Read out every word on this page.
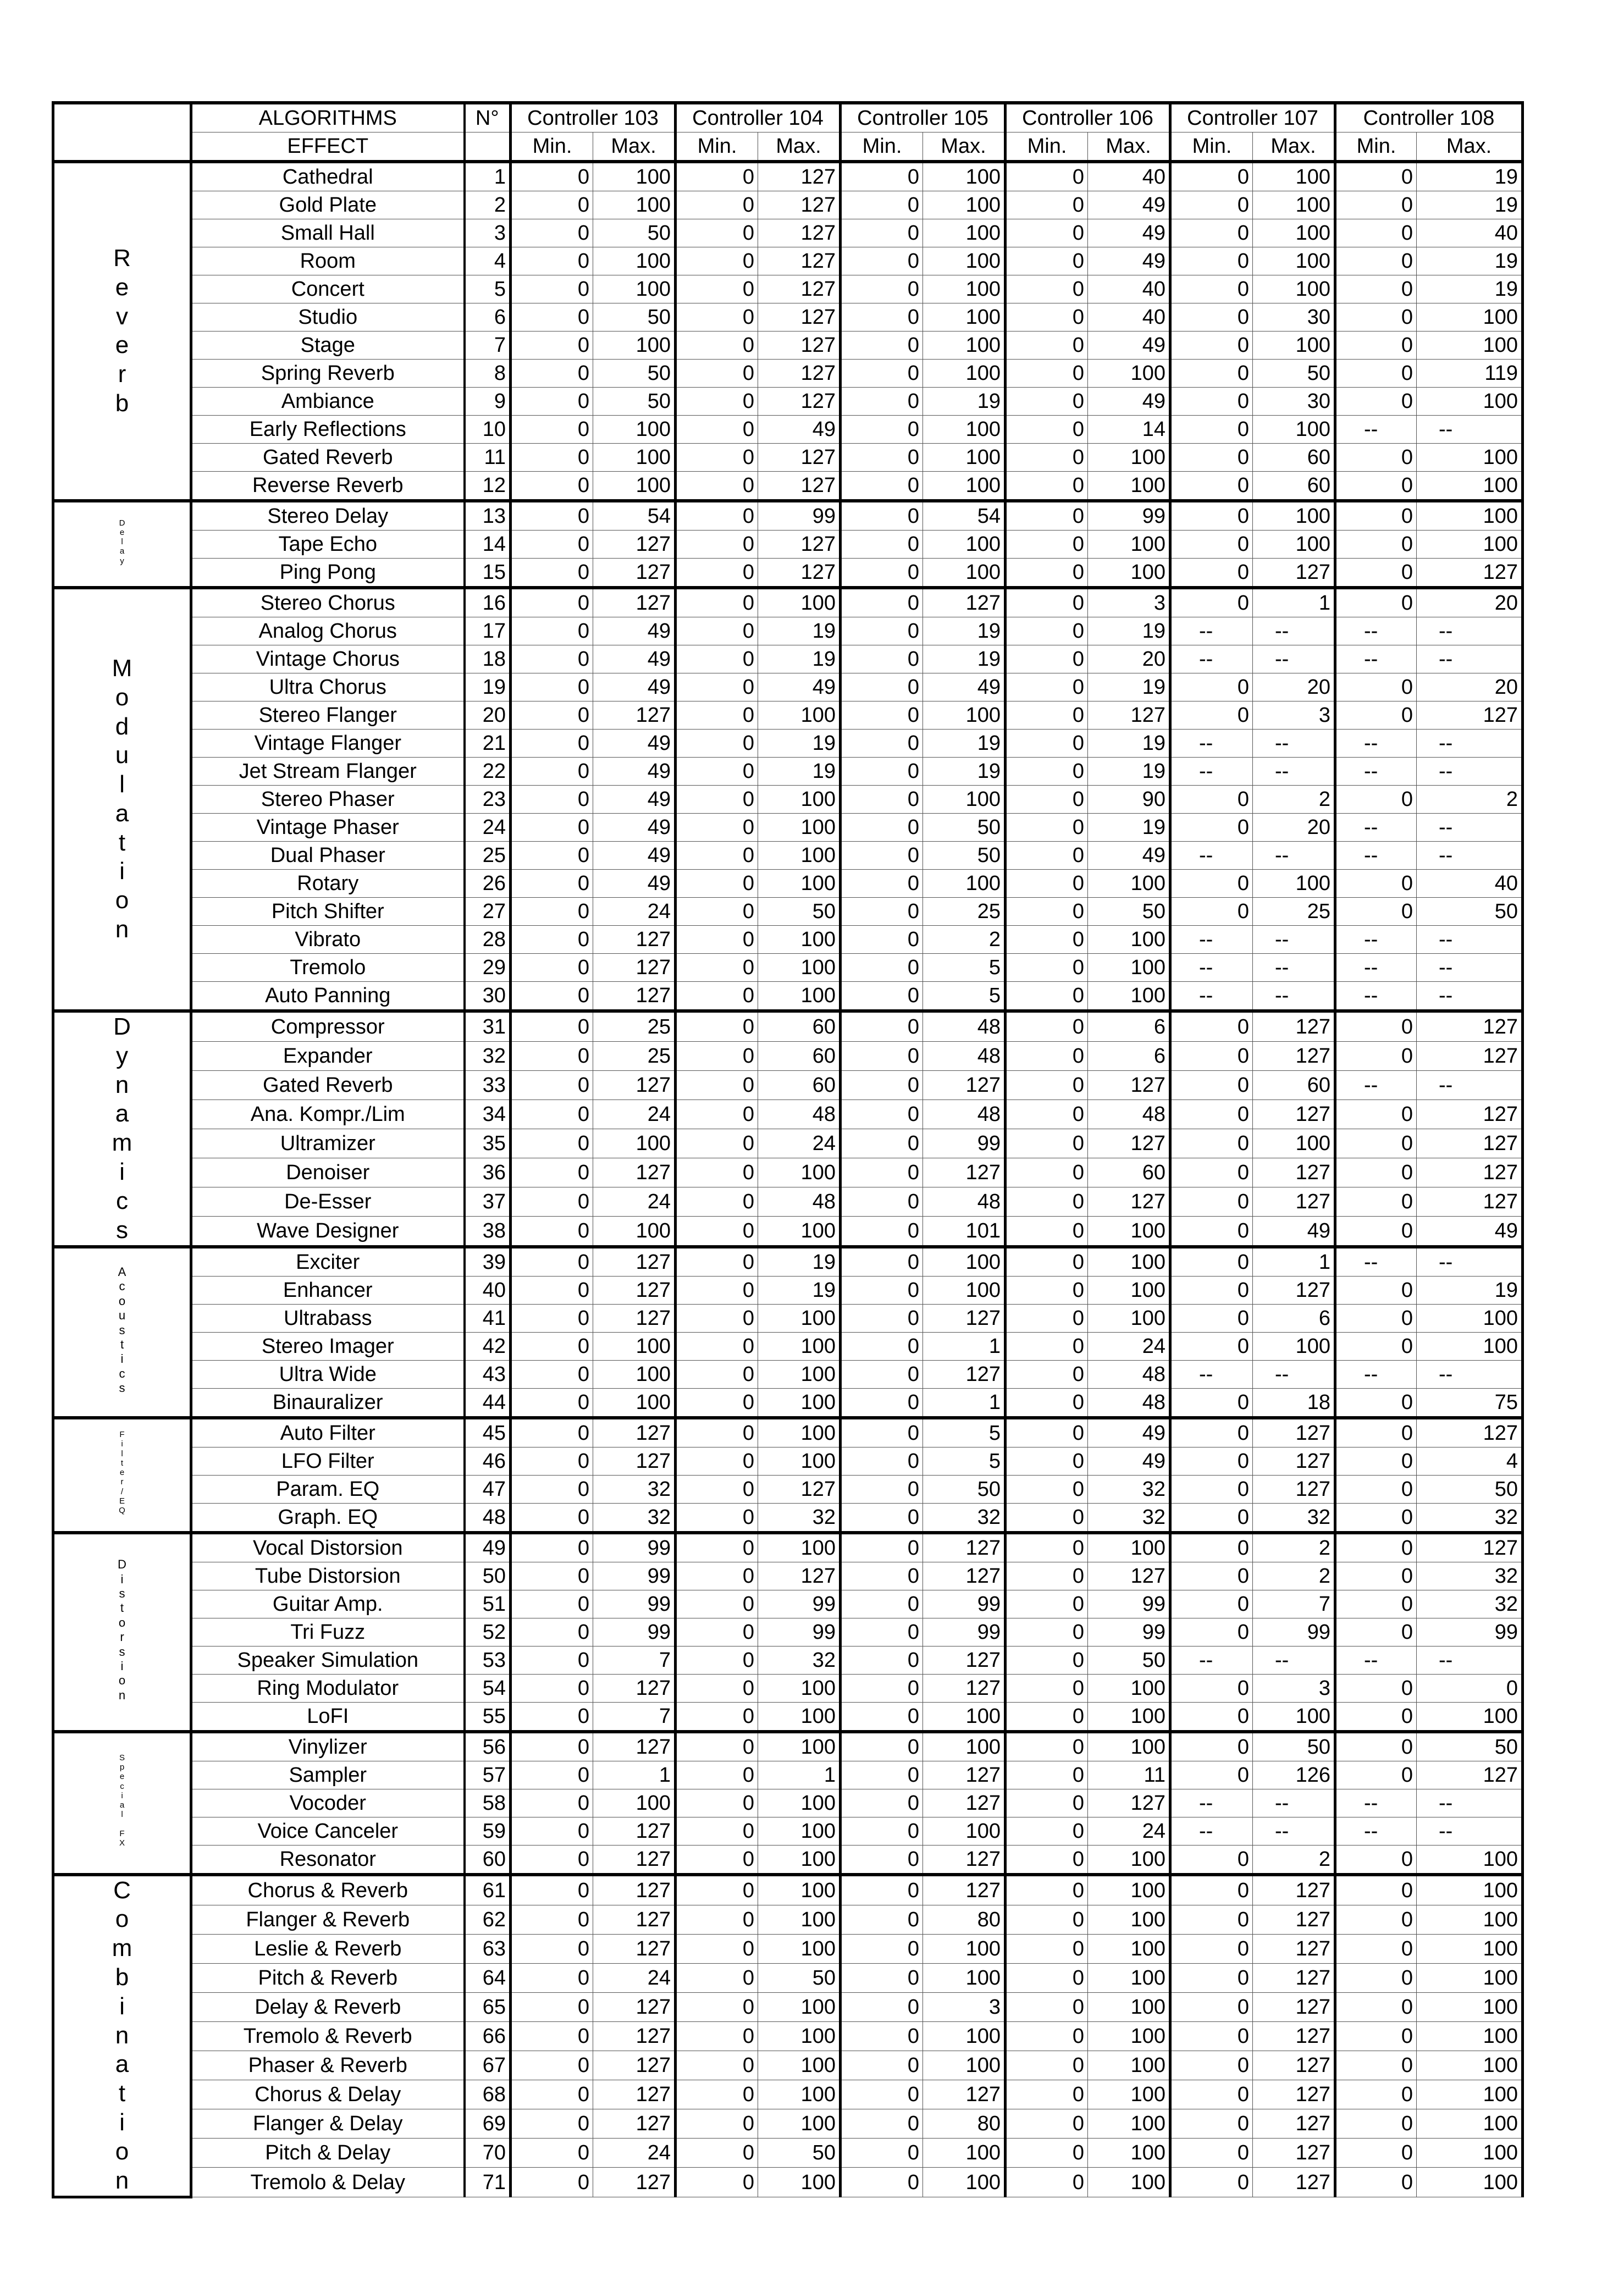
	ALGORITHMS	N°	Controller 103		Controller 104		Controller 105		Controller 106		Controller 107		Controller 108	
	EFFECT		Min.	Max.	Min.	Max.	Min.	Max.	Min.	Max.	Min.	Max.	Min.	Max.

R
e
v
e
r
b
	Cathedral	1	0	100	0	127	0	100	0	40	0	100	0	19
	Gold Plate	2	0	100	0	127	0	100	0	49	0	100	0	19
	Small Hall	3	0	50	0	127	0	100	0	49	0	100	0	40
	Room	4	0	100	0	127	0	100	0	49	0	100	0	19
	Concert	5	0	100	0	127	0	100	0	40	0	100	0	19
	Studio	6	0	50	0	127	0	100	0	40	0	30	0	100
	Stage	7	0	100	0	127	0	100	0	49	0	100	0	100
	Spring Reverb	8	0	50	0	127	0	100	0	100	0	50	0	119
	Ambiance	9	0	50	0	127	0	19	0	49	0	30	0	100
	Early Reflections	10	0	100	0	49	0	100	0	14	0	100	--	--
	Gated Reverb	11	0	100	0	127	0	100	0	100	0	60	0	100
	Reverse Reverb	12	0	100	0	127	0	100	0	100	0	60	0	100

D
e
l
a
y	Stereo Delay	13	0	54	0	99	0	54	0	99	0	100	0	100
	Tape Echo	14	0	127	0	127	0	100	0	100	0	100	0	100
	Ping Pong	15	0	127	0	127	0	100	0	100	0	127	0	127

M
o
d
u
l
a
t
i
o
n
	Stereo Chorus	16	0	127	0	100	0	127	0	3	0	1	0	20
	Analog Chorus	17	0	49	0	19	0	19	0	19	--	--	--	--
	Vintage Chorus	18	0	49	0	19	0	19	0	20	--	--	--	--
	Ultra Chorus	19	0	49	0	49	0	49	0	19	0	20	0	20
	Stereo Flanger	20	0	127	0	100	0	100	0	127	0	3	0	127
	Vintage Flanger	21	0	49	0	19	0	19	0	19	--	--	--	--
	Jet Stream Flanger	22	0	49	0	19	0	19	0	19	--	--	--	--
	Stereo Phaser	23	0	49	0	100	0	100	0	90	0	2	0	2
	Vintage Phaser	24	0	49	0	100	0	50	0	19	0	20	--	--
	Dual Phaser	25	0	49	0	100	0	50	0	49	--	--	--	--
	Rotary	26	0	49	0	100	0	100	0	100	0	100	0	40
	Pitch Shifter	27	0	24	0	50	0	25	0	50	0	25	0	50
	Vibrato	28	0	127	0	100	0	2	0	100	--	--	--	--
	Tremolo	29	0	127	0	100	0	5	0	100	--	--	--	--
	Auto Panning	30	0	127	0	100	0	5	0	100	--	--	--	--

D
y
n
a
m
i
c
s
	Compressor	31	0	25	0	60	0	48	0	6	0	127	0	127
	Expander	32	0	25	0	60	0	48	0	6	0	127	0	127
	Gated Reverb	33	0	127	0	60	0	127	0	127	0	60	--	--
	Ana. Kompr./Lim	34	0	24	0	48	0	48	0	48	0	127	0	127
	Ultramizer	35	0	100	0	24	0	99	0	127	0	100	0	127
	Denoiser	36	0	127	0	100	0	127	0	60	0	127	0	127
	De-Esser	37	0	24	0	48	0	48	0	127	0	127	0	127
	Wave Designer	38	0	100	0	100	0	101	0	100	0	49	0	49

A
c
o
u
s
t
i
c
s
	Exciter	39	0	127	0	19	0	100	0	100	0	1	--	--
	Enhancer	40	0	127	0	19	0	100	0	100	0	127	0	19
	Ultrabass	41	0	127	0	100	0	127	0	100	0	6	0	100
	Stereo Imager	42	0	100	0	100	0	1	0	24	0	100	0	100
	Ultra Wide	43	0	100	0	100	0	127	0	48	--	--	--	--
	Binauralizer	44	0	100	0	100	0	1	0	48	0	18	0	75

F
i
l
t
e
r
/
E
Q
	Auto Filter	45	0	127	0	100	0	5	0	49	0	127	0	127
	LFO Filter	46	0	127	0	100	0	5	0	49	0	127	0	4
	Param. EQ	47	0	32	0	127	0	50	0	32	0	127	0	50
	Graph. EQ	48	0	32	0	32	0	32	0	32	0	32	0	32

D
i
s
t
o
r
s
i
o
n
	Vocal Distorsion	49	0	99	0	100	0	127	0	100	0	2	0	127
	Tube Distorsion	50	0	99	0	127	0	127	0	127	0	2	0	32
	Guitar Amp.	51	0	99	0	99	0	99	0	99	0	7	0	32
	Tri Fuzz	52	0	99	0	99	0	99	0	99	0	99	0	99
	Speaker Simulation	53	0	7	0	32	0	127	0	50	--	--	--	--
	Ring Modulator	54	0	127	0	100	0	127	0	100	0	3	0	0
	LoFI	55	0	7	0	100	0	100	0	100	0	100	0	100

S
p
e
c
i
a
l

F
X
	Vinylizer	56	0	127	0	100	0	100	0	100	0	50	0	50
	Sampler	57	0	1	0	1	0	127	0	11	0	126	0	127
	Vocoder	58	0	100	0	100	0	127	0	127	--	--	--	--
	Voice Canceler	59	0	127	0	100	0	100	0	24	--	--	--	--
	Resonator	60	0	127	0	100	0	127	0	100	0	2	0	100

C
o
m
b
i
n
a
t
i
o
n
	Chorus & Reverb	61	0	127	0	100	0	127	0	100	0	127	0	100
	Flanger & Reverb	62	0	127	0	100	0	80	0	100	0	127	0	100
	Leslie & Reverb	63	0	127	0	100	0	100	0	100	0	127	0	100
	Pitch & Reverb	64	0	24	0	50	0	100	0	100	0	127	0	100
	Delay & Reverb	65	0	127	0	100	0	3	0	100	0	127	0	100
	Tremolo & Reverb	66	0	127	0	100	0	100	0	100	0	127	0	100
	Phaser & Reverb	67	0	127	0	100	0	100	0	100	0	127	0	100
	Chorus & Delay	68	0	127	0	100	0	127	0	100	0	127	0	100
	Flanger & Delay	69	0	127	0	100	0	80	0	100	0	127	0	100
	Pitch & Delay	70	0	24	0	50	0	100	0	100	0	127	0	100
	Tremolo & Delay	71	0	127	0	100	0	100	0	100	0	127	0	100
